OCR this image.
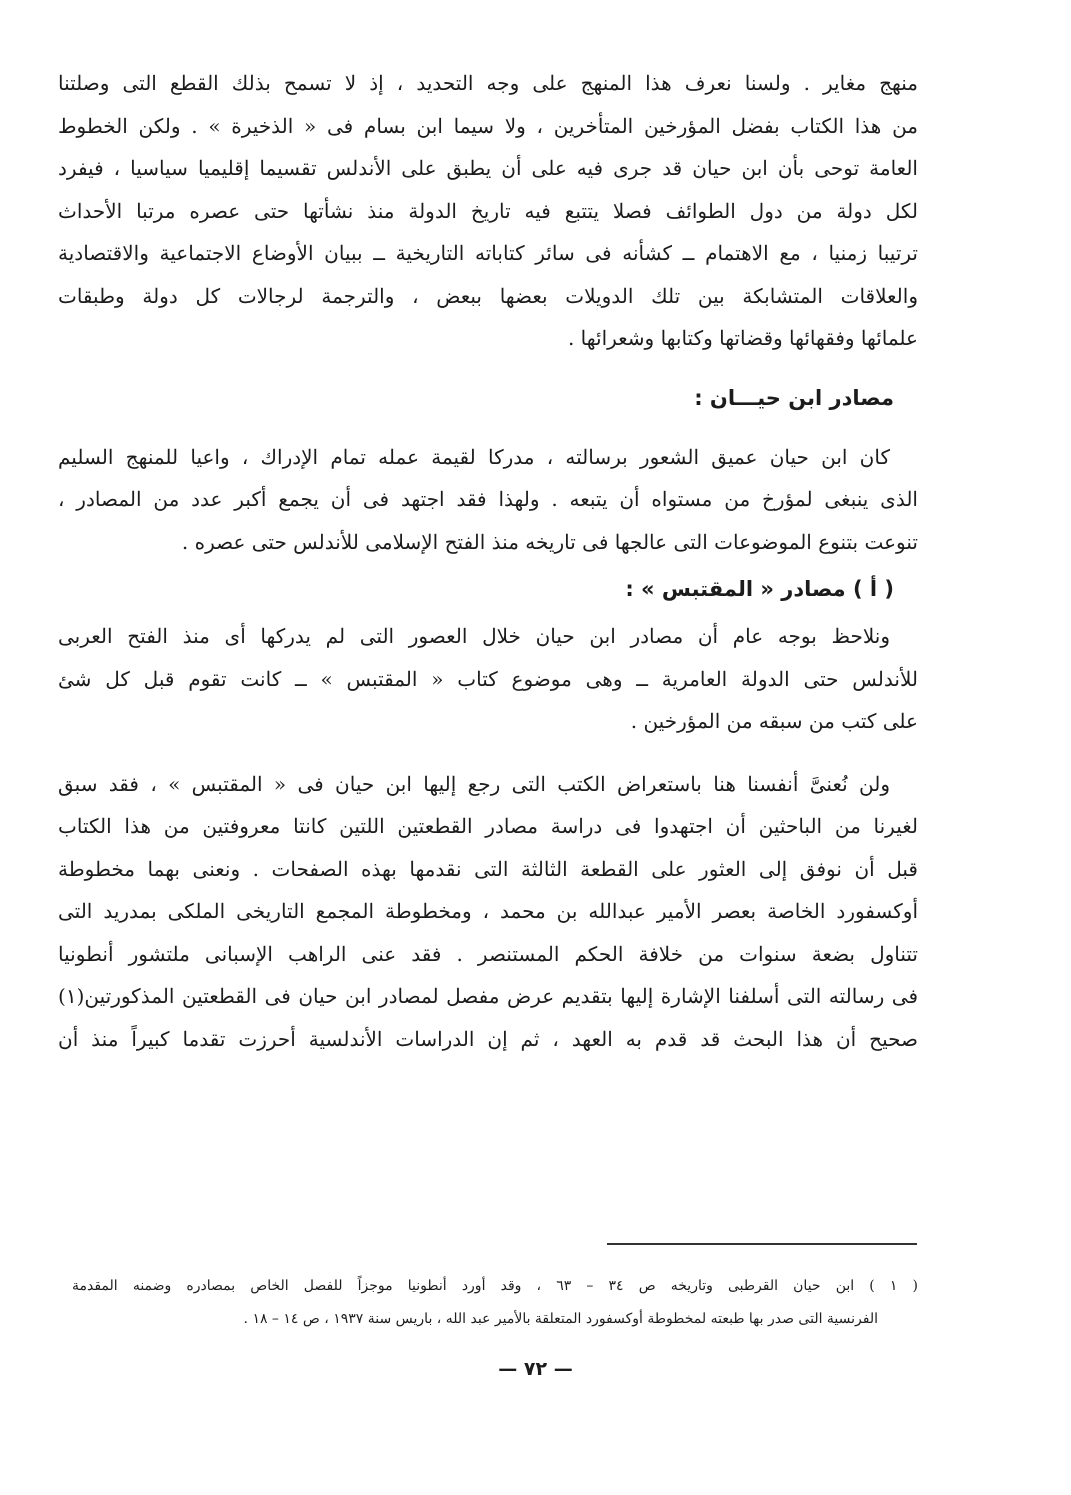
منهج مغاير . ولسنا نعرف هذا المنهج على وجه التحديد ، إذ لا تسمح بذلك القطع التى وصلتنا
من هذا الكتاب بفضل المؤرخين المتأخرين ، ولا سيما ابن بسام فى « الذخيرة » . ولكن الخطوط
العامة توحى بأن ابن حيان قد جرى فيه على أن يطبق على الأندلس تقسيما إقليميا سياسيا ، فيفرد
لكل دولة من دول الطوائف فصلا يتتبع فيه تاريخ الدولة منذ نشأتها حتى عصره مرتبا الأحداث
ترتيبا زمنيا ، مع الاهتمام ــ كشأنه فى سائر كتاباته التاريخية ــ ببيان الأوضاع الاجتماعية والاقتصادية
والعلاقات المتشابكة بين تلك الدويلات بعضها ببعض ، والترجمة لرجالات كل دولة وطبقات
علمائها وفقهائها وقضاتها وكتابها وشعرائها .

مصادر ابن حيـــان :

كان ابن حيان عميق الشعور برسالته ، مدركا لقيمة عمله تمام الإدراك ، واعيا للمنهج السليم
الذى ينبغى لمؤرخ من مستواه أن يتبعه . ولهذا فقد اجتهد فى أن يجمع أكبر عدد من المصادر ،
تنوعت بتنوع الموضوعات التى عالجها فى تاريخه منذ الفتح الإسلامى للأندلس حتى عصره .

( أ ) مصادر « المقتبس » :

ونلاحظ بوجه عام أن مصادر ابن حيان خلال العصور التى لم يدركها أى منذ الفتح العربى
للأندلس حتى الدولة العامرية ــ وهى موضوع كتاب « المقتبس » ــ كانت تقوم قبل كل شئ
على كتب من سبقه من المؤرخين .

ولن نُعنىَّ أنفسنا هنا باستعراض الكتب التى رجع إليها ابن حيان فى « المقتبس » ، فقد سبق
لغيرنا من الباحثين أن اجتهدوا فى دراسة مصادر القطعتين اللتين كانتا معروفتين من هذا الكتاب
قبل أن نوفق إلى العثور على القطعة الثالثة التى نقدمها بهذه الصفحات . ونعنى بهما مخطوطة
أوكسفورد الخاصة بعصر الأمير عبدالله بن محمد ، ومخطوطة المجمع التاريخى الملكى بمدريد التى
تتناول بضعة سنوات من خلافة الحكم المستنصر . فقد عنى الراهب الإسبانى ملتشور أنطونيا
فى رسالته التى أسلفنا الإشارة إليها بتقديم عرض مفصل لمصادر ابن حيان فى القطعتين المذكورتين(١)
صحيح أن هذا البحث قد قدم به العهد ، ثم إن الدراسات الأندلسية أحرزت تقدما كبيراً منذ أن

( ١ ) ابن حيان القرطبى وتاريخه ص ٣٤ – ٦٣ ، وقد أورد أنطونيا موجزاً للفصل الخاص بمصادره وضمنه المقدمة
الفرنسية التى صدر بها طبعته لمخطوطة أوكسفورد المتعلقة بالأمير عبد الله ، باريس سنة ١٩٣٧ ، ص ١٤ – ١٨ .
— ٧٢ —
